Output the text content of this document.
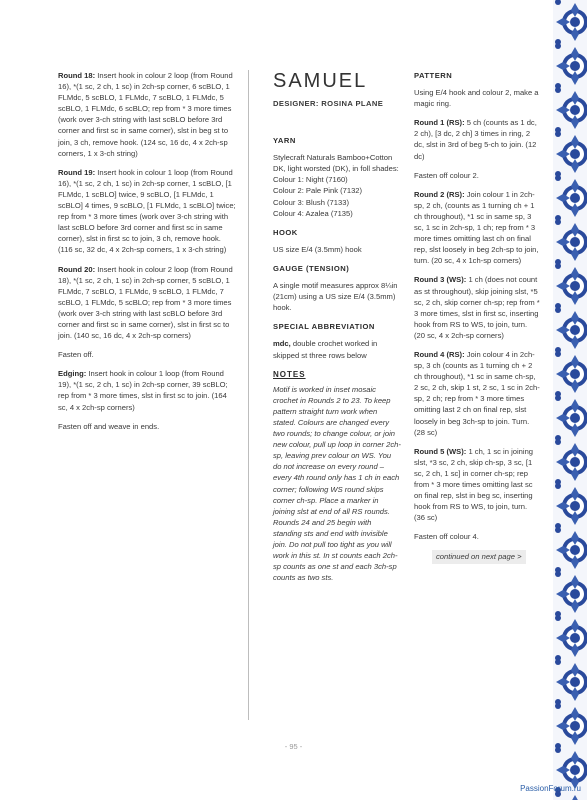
Round 18: Insert hook in colour 2 loop (from Round 16), *(1 sc, 2 ch, 1 sc) in 2ch-sp corner, 6 scBLO, 1 FLMdc, 5 scBLO, 1 FLMdc, 7 scBLO, 1 FLMdc, 5 scBLO, 1 FLMdc, 6 scBLO; rep from * 3 more times (work over 3-ch string with last scBLO before 3rd corner and first sc in same corner), slst in beg st to join, 3 ch, remove hook. (124 sc, 16 dc, 4 x 2ch-sp corners, 1 x 3-ch string)

Round 19: Insert hook in colour 1 loop (from Round 16), *(1 sc, 2 ch, 1 sc) in 2ch-sp corner, 1 scBLO, [1 FLMdc, 1 scBLO] twice, 9 scBLO, [1 FLMdc, 1 scBLO] 4 times, 9 scBLO, [1 FLMdc, 1 scBLO] twice; rep from * 3 more times (work over 3-ch string with last scBLO before 3rd corner and first sc in same corner), slst in first sc to join, 3 ch, remove hook. (116 sc, 32 dc, 4 x 2ch-sp corners, 1 x 3-ch string)

Round 20: Insert hook in colour 2 loop (from Round 18), *(1 sc, 2 ch, 1 sc) in 2ch-sp corner, 5 scBLO, 1 FLMdc, 7 scBLO, 1 FLMdc, 9 scBLO, 1 FLMdc, 7 scBLO, 1 FLMdc, 5 scBLO; rep from * 3 more times (work over 3-ch string with last scBLO before 3rd corner and first sc in same corner), slst in first sc to join. (140 sc, 16 dc, 4 x 2ch-sp corners)

Fasten off.

Edging: Insert hook in colour 1 loop (from Round 19), *(1 sc, 2 ch, 1 sc) in 2ch-sp corner, 39 scBLO; rep from * 3 more times, slst in first sc to join. (164 sc, 4 x 2ch-sp corners)

Fasten off and weave in ends.

SAMUEL
DESIGNER: ROSINA PLANE
YARN

Stylecraft Naturals Bamboo+Cotton DK, light worsted (DK), in foll shades:

Colour 1: Night (7160)
Colour 2: Pale Pink (7132)
Colour 3: Blush (7133)
Colour 4: Azalea (7135)
HOOK

US size E/4 (3.5mm) hook

GAUGE (TENSION)

A single motif measures approx 8¼in (21cm) using a US size E/4 (3.5mm) hook.

SPECIAL ABBREVIATION

mdc, double crochet worked in skipped st three rows below

NOTES

Motif is worked in inset mosaic crochet in Rounds 2 to 23. To keep pattern straight turn work when stated. Colours are changed every two rounds; to change colour, or join new colour, pull up loop in corner 2ch-sp, leaving prev colour on WS. You do not increase on every round – every 4th round only has 1 ch in each corner; following WS round skips corner ch-sp. Place a marker in joining slst at end of all RS rounds. Rounds 24 and 25 begin with standing sts and end with invisible join. Do not pull too tight as you will work in this st. In st counts each 2ch-sp counts as one st and each 3ch-sp counts as two sts.

PATTERN

Using E/4 hook and colour 2, make a magic ring.

Round 1 (RS): 5 ch (counts as 1 dc, 2 ch), [3 dc, 2 ch] 3 times in ring, 2 dc, slst in 3rd of beg 5-ch to join. (12 dc)

Fasten off colour 2.

Round 2 (RS): Join colour 1 in 2ch-sp, 2 ch, (counts as 1 turning ch + 1 ch throughout), *1 sc in same sp, 3 sc, 1 sc in 2ch-sp, 1 ch; rep from * 3 more times omitting last ch on final rep, slst loosely in beg 2ch-sp to join, turn. (20 sc, 4 x 1ch-sp corners)

Round 3 (WS): 1 ch (does not count as st throughout), skip joining slst, *5 sc, 2 ch, skip corner ch-sp; rep from * 3 more times, slst in first sc, inserting hook from RS to WS, to join, turn. (20 sc, 4 x 2ch-sp corners)

Round 4 (RS): Join colour 4 in 2ch-sp, 3 ch (counts as 1 turning ch + 2 ch throughout), *1 sc in same ch-sp, 2 sc, 2 ch, skip 1 st, 2 sc, 1 sc in 2ch-sp, 2 ch; rep from * 3 more times omitting last 2 ch on final rep, slst loosely in beg 3ch-sp to join. Turn. (28 sc)

Round 5 (WS): 1 ch, 1 sc in joining slst, *3 sc, 2 ch, skip ch-sp, 3 sc, [1 sc, 2 ch, 1 sc] in corner ch-sp; rep from * 3 more times omitting last sc on final rep, slst in beg sc, inserting hook from RS to WS, to join, turn. (36 sc)

Fasten off colour 4.

continued on next page >
- 95 -
PassionForum.ru
